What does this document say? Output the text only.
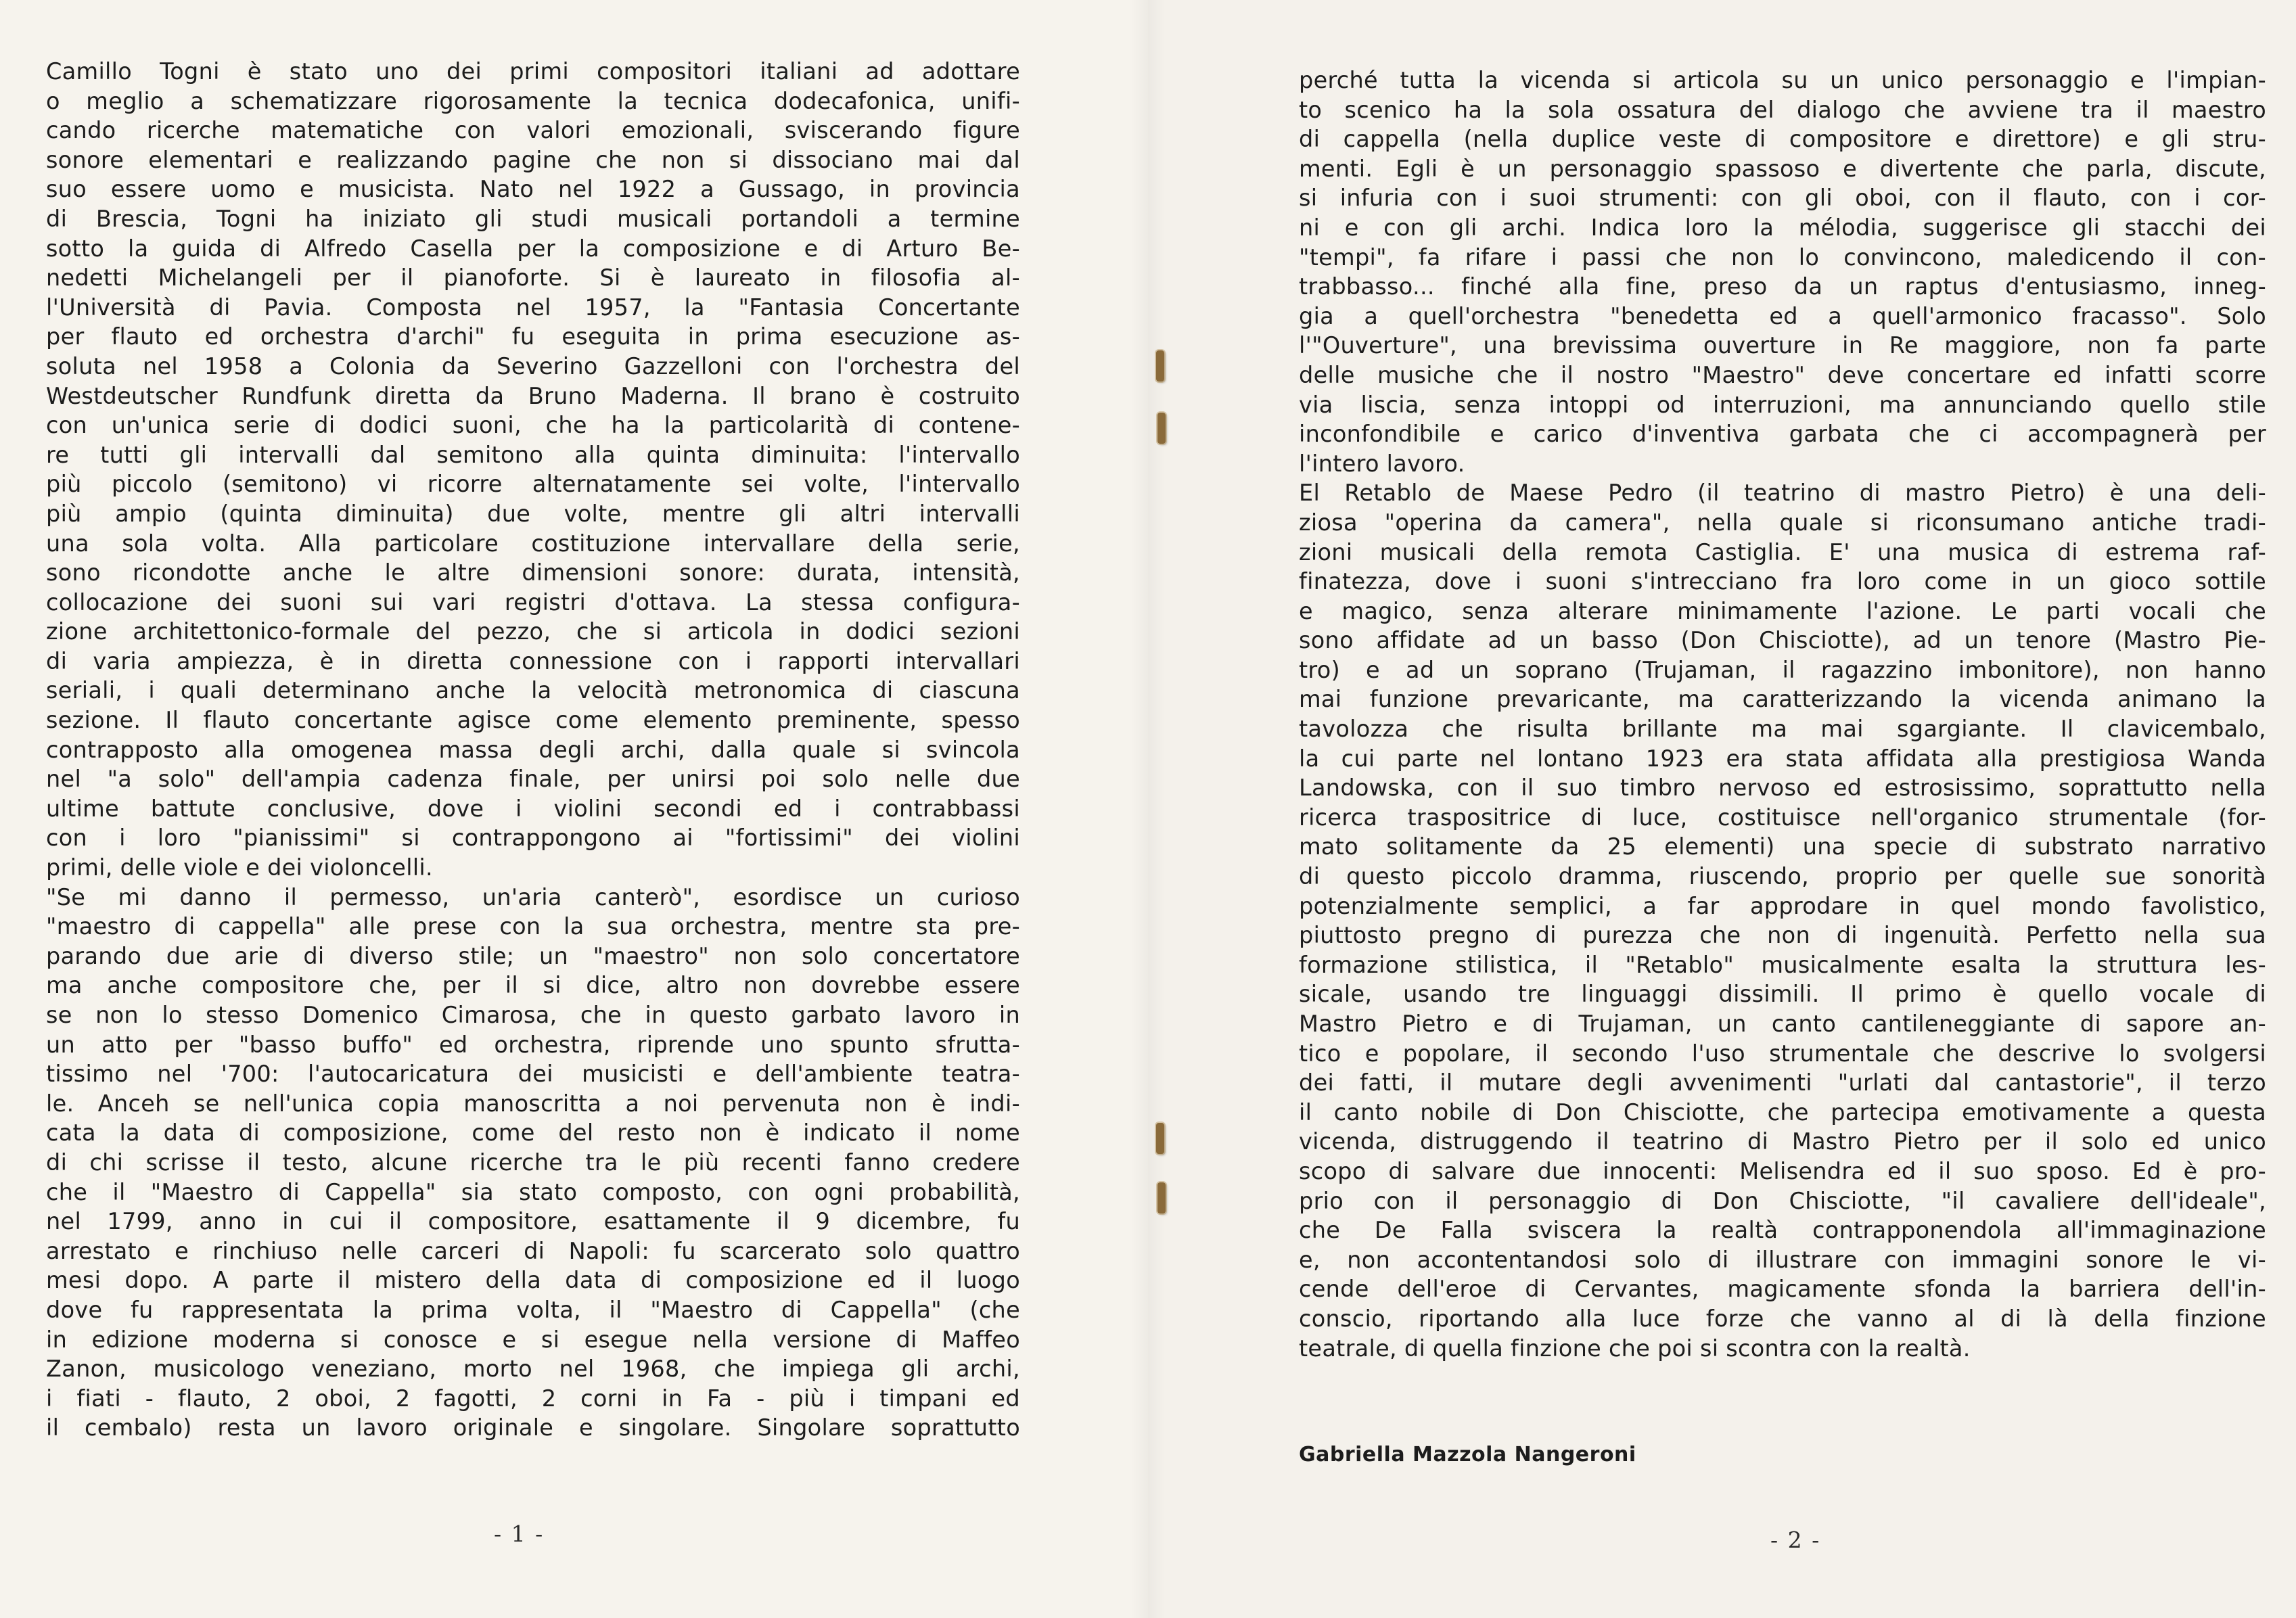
Camillo Togni è stato uno dei primi compositori italiani ad adottare
o meglio a schematizzare rigorosamente la tecnica dodecafonica, unifi-
cando ricerche matematiche con valori emozionali, sviscerando figure
sonore elementari e realizzando pagine che non si dissociano mai dal
suo essere uomo e musicista. Nato nel 1922 a Gussago, in provincia
di Brescia, Togni ha iniziato gli studi musicali portandoli a termine
sotto la guida di Alfredo Casella per la composizione e di Arturo Be-
nedetti Michelangeli per il pianoforte. Si è laureato in filosofia al-
l'Università di Pavia. Composta nel 1957, la "Fantasia Concertante
per flauto ed orchestra d'archi" fu eseguita in prima esecuzione as-
soluta nel 1958 a Colonia da Severino Gazzelloni con l'orchestra del
Westdeutscher Rundfunk diretta da Bruno Maderna. Il brano è costruito
con un'unica serie di dodici suoni, che ha la particolarità di contene-
re tutti gli intervalli dal semitono alla quinta diminuita: l'intervallo
più piccolo (semitono) vi ricorre alternatamente sei volte, l'intervallo
più ampio (quinta diminuita) due volte, mentre gli altri intervalli
una sola volta. Alla particolare costituzione intervallare della serie,
sono ricondotte anche le altre dimensioni sonore: durata, intensità,
collocazione dei suoni sui vari registri d'ottava. La stessa configura-
zione architettonico-formale del pezzo, che si articola in dodici sezioni
di varia ampiezza, è in diretta connessione con i rapporti intervallari
seriali, i quali determinano anche la velocità metronomica di ciascuna
sezione. Il flauto concertante agisce come elemento preminente, spesso
contrapposto alla omogenea massa degli archi, dalla quale si svincola
nel "a solo" dell'ampia cadenza finale, per unirsi poi solo nelle due
ultime battute conclusive, dove i violini secondi ed i contrabbassi
con i loro "pianissimi" si contrappongono ai "fortissimi" dei violini
primi, delle viole e dei violoncelli.
"Se mi danno il permesso, un'aria canterò", esordisce un curioso
"maestro di cappella" alle prese con la sua orchestra, mentre sta pre-
parando due arie di diverso stile; un "maestro" non solo concertatore
ma anche compositore che, per il si dice, altro non dovrebbe essere
se non lo stesso Domenico Cimarosa, che in questo garbato lavoro in
un atto per "basso buffo" ed orchestra, riprende uno spunto sfrutta-
tissimo nel '700: l'autocaricatura dei musicisti e dell'ambiente teatra-
le. Anceh se nell'unica copia manoscritta a noi pervenuta non è indi-
cata la data di composizione, come del resto non è indicato il nome
di chi scrisse il testo, alcune ricerche tra le più recenti fanno credere
che il "Maestro di Cappella" sia stato composto, con ogni probabilità,
nel 1799, anno in cui il compositore, esattamente il 9 dicembre, fu
arrestato e rinchiuso nelle carceri di Napoli: fu scarcerato solo quattro
mesi dopo. A parte il mistero della data di composizione ed il luogo
dove fu rappresentata la prima volta, il "Maestro di Cappella" (che
in edizione moderna si conosce e si esegue nella versione di Maffeo
Zanon, musicologo veneziano, morto nel 1968, che impiega gli archi,
i fiati - flauto, 2 oboi, 2 fagotti, 2 corni in Fa - più i timpani ed
il cembalo) resta un lavoro originale e singolare. Singolare soprattutto
- 1 -
perché tutta la vicenda si articola su un unico personaggio e l'impian-
to scenico ha la sola ossatura del dialogo che avviene tra il maestro
di cappella (nella duplice veste di compositore e direttore) e gli stru-
menti. Egli è un personaggio spassoso e divertente che parla, discute,
si infuria con i suoi strumenti: con gli oboi, con il flauto, con i cor-
ni e con gli archi. Indica loro la mélodia, suggerisce gli stacchi dei
"tempi", fa rifare i passi che non lo convincono, maledicendo il con-
trabbasso... finché alla fine, preso da un raptus d'entusiasmo, inneg-
gia a quell'orchestra "benedetta ed a quell'armonico fracasso". Solo
l'"Ouverture", una brevissima ouverture in Re maggiore, non fa parte
delle musiche che il nostro "Maestro" deve concertare ed infatti scorre
via liscia, senza intoppi od interruzioni, ma annunciando quello stile
inconfondibile e carico d'inventiva garbata che ci accompagnerà per
l'intero lavoro.
El Retablo de Maese Pedro (il teatrino di mastro Pietro) è una deli-
ziosa "operina da camera", nella quale si riconsumano antiche tradi-
zioni musicali della remota Castiglia. E' una musica di estrema raf-
finatezza, dove i suoni s'intrecciano fra loro come in un gioco sottile
e magico, senza alterare minimamente l'azione. Le parti vocali che
sono affidate ad un basso (Don Chisciotte), ad un tenore (Mastro Pie-
tro) e ad un soprano (Trujaman, il ragazzino imbonitore), non hanno
mai funzione prevaricante, ma caratterizzando la vicenda animano la
tavolozza che risulta brillante ma mai sgargiante. Il clavicembalo,
la cui parte nel lontano 1923 era stata affidata alla prestigiosa Wanda
Landowska, con il suo timbro nervoso ed estrosissimo, soprattutto nella
ricerca traspositrice di luce, costituisce nell'organico strumentale (for-
mato solitamente da 25 elementi) una specie di substrato narrativo
di questo piccolo dramma, riuscendo, proprio per quelle sue sonorità
potenzialmente semplici, a far approdare in quel mondo favolistico,
piuttosto pregno di purezza che non di ingenuità. Perfetto nella sua
formazione stilistica, il "Retablo" musicalmente esalta la struttura les-
sicale, usando tre linguaggi dissimili. Il primo è quello vocale di
Mastro Pietro e di Trujaman, un canto cantileneggiante di sapore an-
tico e popolare, il secondo l'uso strumentale che descrive lo svolgersi
dei fatti, il mutare degli avvenimenti "urlati dal cantastorie", il terzo
il canto nobile di Don Chisciotte, che partecipa emotivamente a questa
vicenda, distruggendo il teatrino di Mastro Pietro per il solo ed unico
scopo di salvare due innocenti: Melisendra ed il suo sposo. Ed è pro-
prio con il personaggio di Don Chisciotte, "il cavaliere dell'ideale",
che De Falla sviscera la realtà contrapponendola all'immaginazione
e, non accontentandosi solo di illustrare con immagini sonore le vi-
cende dell'eroe di Cervantes, magicamente sfonda la barriera dell'in-
conscio, riportando alla luce forze che vanno al di là della finzione
teatrale, di quella finzione che poi si scontra con la realtà.
Gabriella Mazzola Nangeroni
- 2 -
